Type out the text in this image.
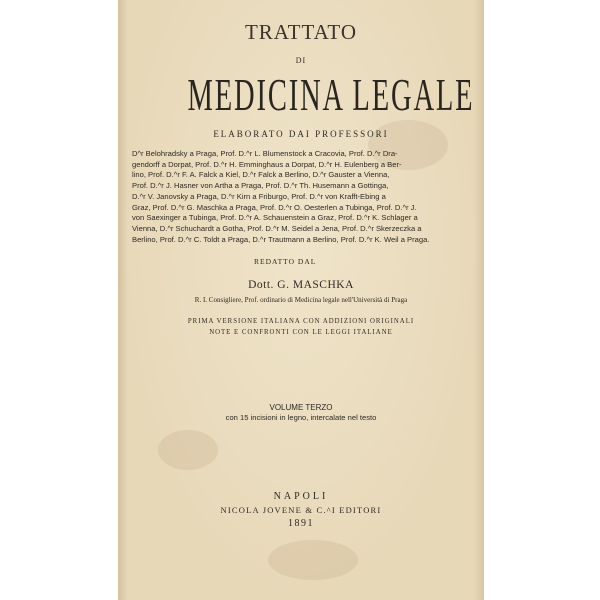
TRATTATO
DI
MEDICINA LEGALE
ELABORATO DAI PROFESSORI
D^r Belohradsky a Praga, Prof. D.^r L. Blumenstock a Cracovia, Prof. D.^r Dra-
gendorff a Dorpat, Prof. D.^r H. Emminghaus a Dorpat, D.^r H. Eulenberg a Ber-
lino, Prof. D.^r F. A. Falck a Kiel, D.^r Falck a Berlino, D.^r Gauster a Vienna,
Prof. D.^r J. Hasner von Artha a Praga, Prof. D.^r Th. Husemann a Gottinga,
D.^r V. Janovsky a Praga, D.^r Kirn a Friburgo, Prof. D.^r von Krafft-Ebing a
Graz, Prof. D.^r G. Maschka a Praga, Prof. D.^r O. Oesterlen a Tubinga, Prof. D.^r J.
von Saexinger a Tubinga, Prof. D.^r A. Schauenstein a Graz, Prof. D.^r K. Schlager a
Vienna, D.^r Schuchardt a Gotha, Prof. D.^r M. Seidel a Jena, Prof. D.^r Skerzeczka a
Berlino, Prof. D.^r C. Toldt a Praga, D.^r Trautmann a Berlino, Prof. D.^r K. Weil a Praga.
REDATTO DAL
Dott. G. MASCHKA
R. I. Consigliere, Prof. ordinario di Medicina legale nell'Università di Praga
PRIMA VERSIONE ITALIANA CON ADDIZIONI ORIGINALI
NOTE E CONFRONTI CON LE LEGGI ITALIANE
VOLUME TERZO
con 15 incisioni in legno, intercalate nel testo
NAPOLI
NICOLA JOVENE & C.^I EDITORI
1891
